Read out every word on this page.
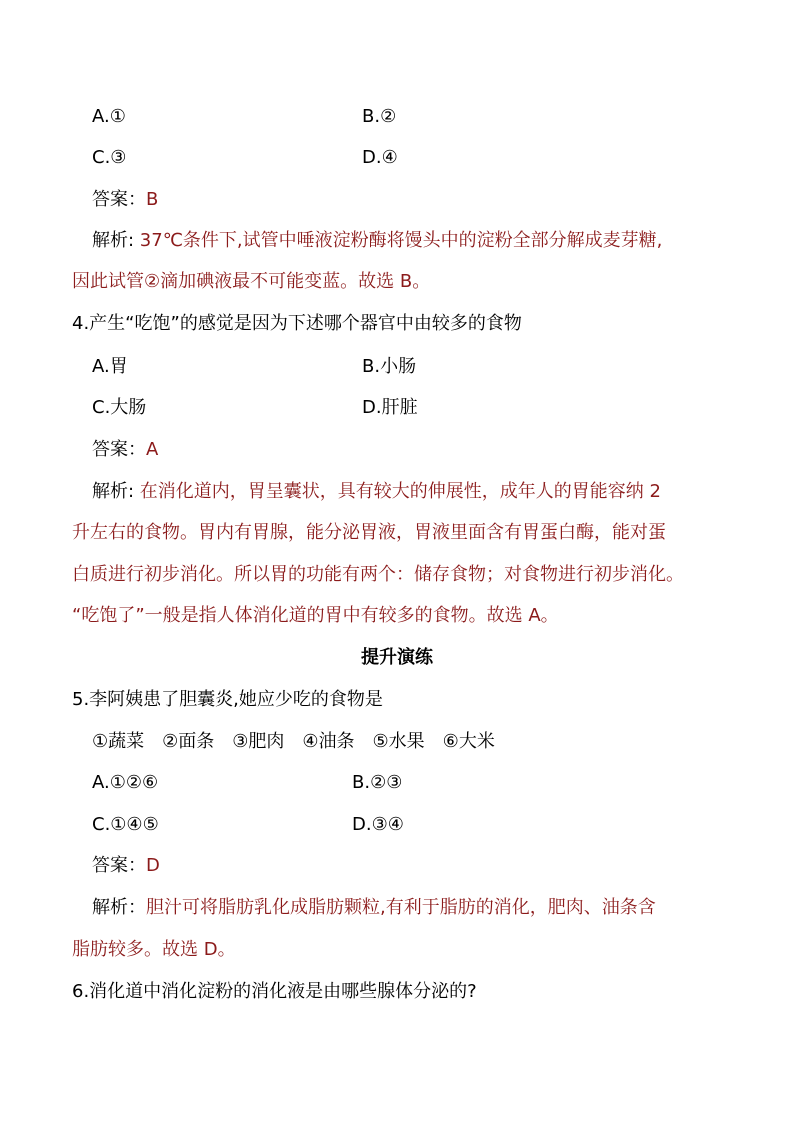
A.①	B.②
C.③	D.④
答案：B
解析: 37℃条件下,试管中唾液淀粉酶将馒头中的淀粉全部分解成麦芽糖,
因此试管②滴加碘液最不可能变蓝。故选 B。
4.产生“吃饱”的感觉是因为下述哪个器官中由较多的食物
A.胃	B.小肠
C.大肠	D.肝脏
答案：A
解析: 在消化道内，胃呈囊状，具有较大的伸展性，成年人的胃能容纳 2
升左右的食物。胃内有胃腺，能分泌胃液，胃液里面含有胃蛋白酶，能对蛋
白质进行初步消化。所以胃的功能有两个：储存食物；对食物进行初步消化。
“吃饱了”一般是指人体消化道的胃中有较多的食物。故选 A。
提升演练
5.李阿姨患了胆囊炎,她应少吃的食物是
①蔬菜　②面条　③肥肉　④油条　⑤水果　⑥大米
A.①②⑥	B.②③
C.①④⑤	D.③④
答案：D
解析：胆汁可将脂肪乳化成脂肪颗粒,有利于脂肪的消化，肥肉、油条含
脂肪较多。故选 D。
6.消化道中消化淀粉的消化液是由哪些腺体分泌的?
